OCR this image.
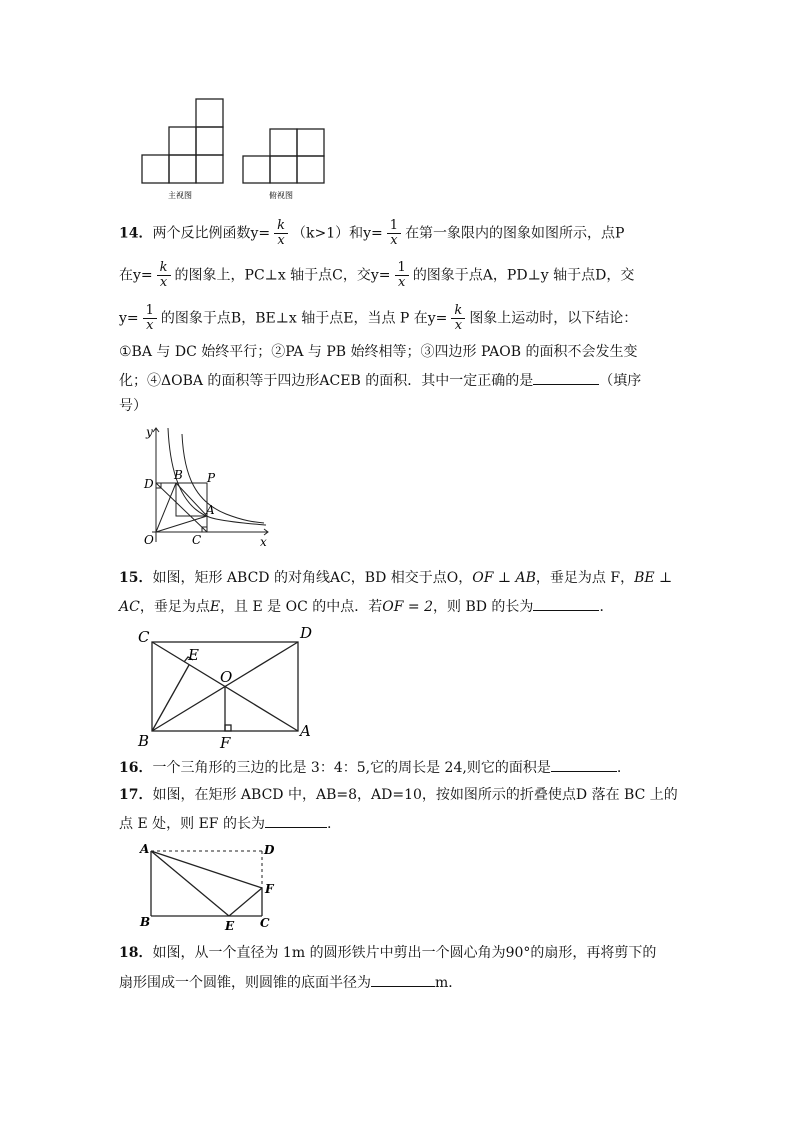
主视图	俯视图
14．两个反比例函数$y= \frac{k}{x} (k>1)$和$y= \frac{1}{x}$ 在第一象限内的图象如图所示，点P
在$y= \frac{k}{x}$ 的图象上，PC⊥x 轴于点C，交$y= \frac{1}{x}$ 的图象于点A，PD⊥y 轴于点D，交
$y= \frac{1}{x}$ 的图象于点B，BE⊥x 轴于点E，当点 P 在$y= \frac{k}{x}$ 图象上运动时，以下结论：
①BA 与 DC 始终平行；②PA 与 PB 始终相等；③四边形 PAOB 的面积不会发生变
化；④ΔOBA 的面积等于四边形ACEB 的面积．其中一定正确的是	（填序
号）
y
x
D
B P
A
O	C
15．如图，矩形 ABCD 的对角线AC，BD 相交于点O，OF ⊥ AB，垂足为点 F，BE ⊥
AC，垂足为点E，且 E 是 OC 的中点．若OF = 2，则 BD 的长为	．
C	D
E
O
B	F
A
16．一个三角形的三边的比是 3：4：5,它的周长是 24,则它的面积是	.
17．如图，在矩形 ABCD 中，AB=8，AD=10，按如图所示的折叠使点D 落在 BC 上的
点 E 处，则 EF 的长为	.
A	D
F
B	E C
18．如图，从一个直径为 1m 的圆形铁片中剪出一个圆心角为90°的扇形，再将剪下的
扇形围成一个圆锥，则圆锥的底面半径为	m．
